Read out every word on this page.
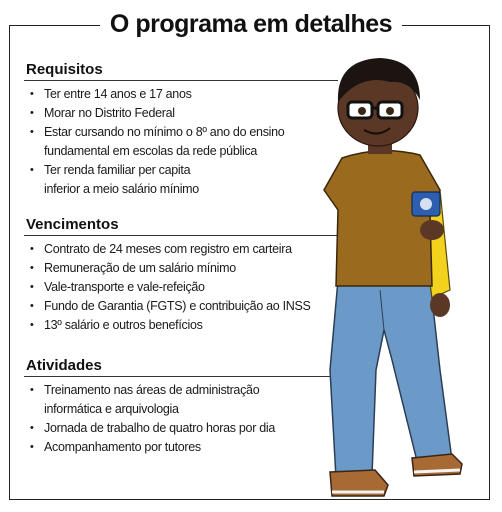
O programa em detalhes
Requisitos
• Ter entre 14 anos e 17 anos
• Morar no Distrito Federal
• Estar cursando no mínimo o 8º ano do ensino
fundamental em escolas da rede pública
• Ter renda familiar per capita
inferior a meio salário mínimo
Vencimentos
• Contrato de 24 meses com registro em carteira
• Remuneração de um salário mínimo
• Vale-transporte e vale-refeição
• Fundo de Garantia (FGTS) e contribuição ao INSS
• 13º salário e outros benefícios
Atividades
• Treinamento nas áreas de administração
informática e arquivologia
• Jornada de trabalho de quatro horas por dia
• Acompanhamento por tutores
